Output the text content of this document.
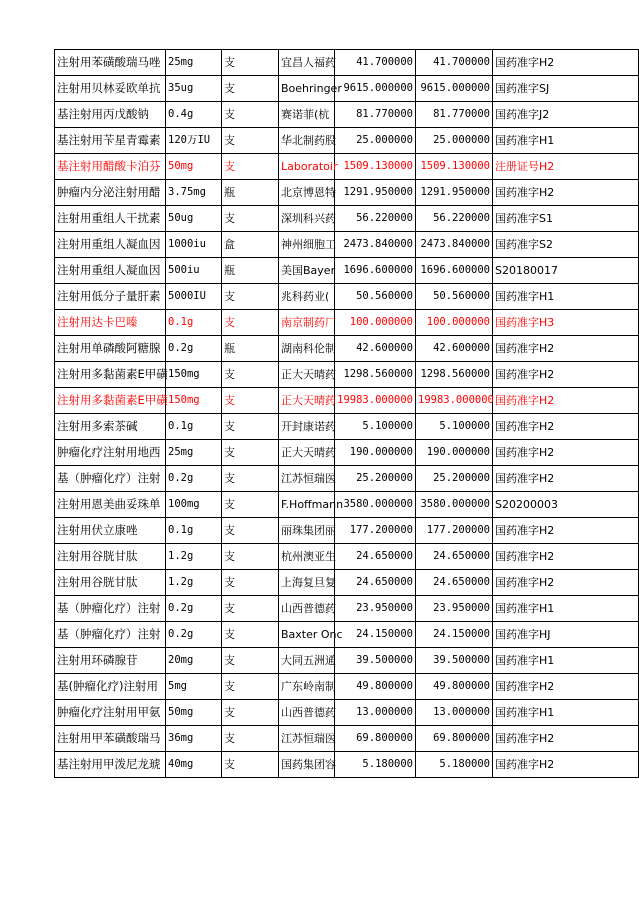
注射用苯磺酸瑞马唑	25mg	支	宜昌人福药	41.700000	41.700000	国药准字H2
注射用贝林妥欧单抗	35ug	支	Boehringer	9615.000000	9615.000000	国药准字SJ
基注射用丙戊酸钠	0.4g	支	赛诺菲(杭	81.770000	81.770000	国药准字J2
基注射用苄星青霉素	120万IU	支	华北制药股	25.000000	25.000000	国药准字H1
基注射用醋酸卡泊芬	50mg	支	Laboratoir	1509.130000	1509.130000	注册证号H2
肿瘤内分泌注射用醋	3.75mg	瓶	北京博恩特	1291.950000	1291.950000	国药准字H2
注射用重组人干扰素	50ug	支	深圳科兴药	56.220000	56.220000	国药准字S1
注射用重组人凝血因	1000iu	盒	神州细胞工	2473.840000	2473.840000	国药准字S2
注射用重组人凝血因	500iu	瓶	美国Bayer	1696.600000	1696.600000	S20180017
注射用低分子量肝素	5000IU	支	兆科药业(	50.560000	50.560000	国药准字H1
注射用达卡巴嗪	0.1g	支	南京制药厂	100.000000	100.000000	国药准字H3
注射用单磷酸阿糖腺	0.2g	瓶	湖南科伦制	42.600000	42.600000	国药准字H2
注射用多黏菌素E甲磺	150mg	支	正大天晴药	1298.560000	1298.560000	国药准字H2
注射用多黏菌素E甲磺	150mg	支	正大天晴药	19983.000000	19983.000000	国药准字H2
注射用多索茶碱	0.1g	支	开封康诺药	5.100000	5.100000	国药准字H2
肿瘤化疗注射用地西	25mg	支	正大天晴药	190.000000	190.000000	国药准字H2
基（肿瘤化疗）注射	0.2g	支	江苏恒瑞医	25.200000	25.200000	国药准字H2
注射用恩美曲妥珠单	100mg	支	F.Hoffmann	3580.000000	3580.000000	S20200003
注射用伏立康唑	0.1g	支	丽珠集团丽	177.200000	177.200000	国药准字H2
注射用谷胱甘肽	1.2g	支	杭州澳亚生	24.650000	24.650000	国药准字H2
注射用谷胱甘肽	1.2g	支	上海复旦复	24.650000	24.650000	国药准字H2
基（肿瘤化疗）注射	0.2g	支	山西普德药	23.950000	23.950000	国药准字H1
基（肿瘤化疗）注射	0.2g	支	Baxter Onc	24.150000	24.150000	国药准字HJ
注射用环磷腺苷	20mg	支	大同五洲通	39.500000	39.500000	国药准字H1
基(肿瘤化疗)注射用	5mg	支	广东岭南制	49.800000	49.800000	国药准字H2
肿瘤化疗注射用甲氨	50mg	支	山西普德药	13.000000	13.000000	国药准字H1
注射用甲苯磺酸瑞马	36mg	支	江苏恒瑞医	69.800000	69.800000	国药准字H2
基注射用甲泼尼龙琥	40mg	支	国药集团容	5.180000	5.180000	国药准字H2
